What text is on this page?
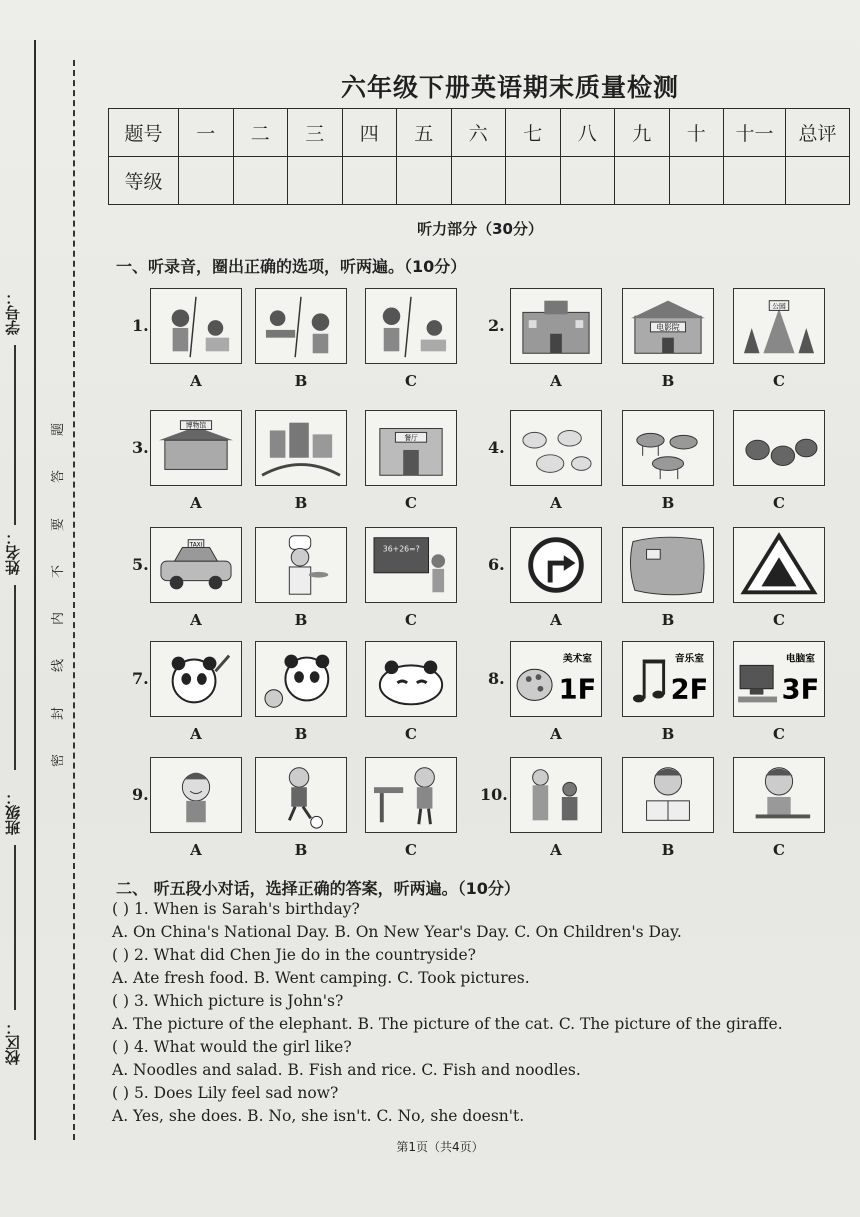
学号：
姓名：
班级：
校区：
题
答
要
不
内
线
封
密
六年级下册英语期末质量检测
题号	一	二	三	四	五	六	七	八	九	十	十一	总评
等级												
听力部分（30分）
一、听录音，圈出正确的选项，听两遍。（10分）
1.
A	B	C
2.
A
电影院
B
公园
C
3.
博物馆
A	B
餐厅
C
4.
A	B	C
5.
TAXI
A	B
36+26=?
C
6.
A	B	C
7.
A	B	C
8.
美术室
1F
A
音乐室
2F
B
电脑室
3F
C
9.
A	B	C
10.
A	B	C
二、 听五段小对话，选择正确的答案，听两遍。（10分）
( ) 1. When is Sarah's birthday?
A. On China's National Day. B. On New Year's Day. C. On Children's Day.
( ) 2. What did Chen Jie do in the countryside?
A. Ate fresh food. B. Went camping. C. Took pictures.
( ) 3. Which picture is John's?
A. The picture of the elephant. B. The picture of the cat. C. The picture of the giraffe.
( ) 4. What would the girl like?
A. Noodles and salad. B. Fish and rice. C. Fish and noodles.
( ) 5. Does Lily feel sad now?
A. Yes, she does. B. No, she isn't. C. No, she doesn't.
第1页（共4页）
